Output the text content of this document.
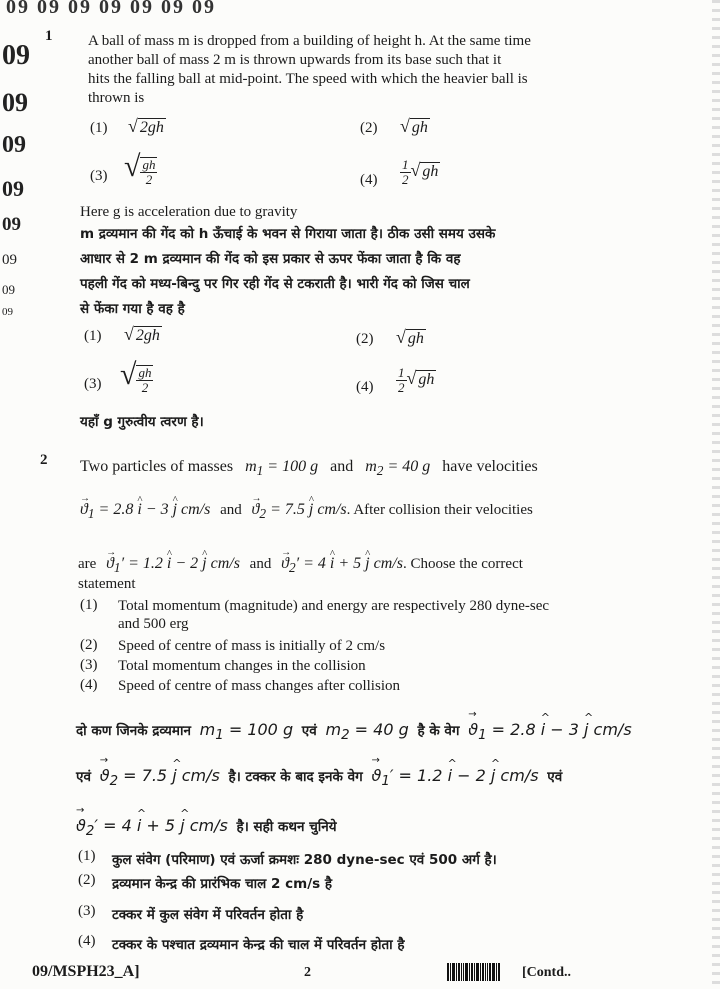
09 09 09 09 09 09 09
09
09
09
09
09
09
09
09
1 A ball of mass m is dropped from a building of height h. At the same time
another ball of mass 2 m is thrown upwards from its base such that it
hits the falling ball at mid-point. The speed with which the heavier ball is
thrown is
(1) √ 2gh	(2) √ gh
(3) √ $\frac{gh}{2}$	$(4) \frac{1}{2}$ √ gh
Here g is acceleration due to gravity
m द्रव्यमान की गेंद को h ऊँचाई के भवन से गिराया जाता है। ठीक उसी समय उसके
आधार से 2 m द्रव्यमान की गेंद को इस प्रकार से ऊपर फेंका जाता है कि वह
पहली गेंद को मध्य-बिन्दु पर गिर रही गेंद से टकराती है। भारी गेंद को जिस चाल
से फेंका गया है वह है
(1) √ 2gh	(2) √ gh
(3) √ $\frac{gh}{2}$	$(4) \frac{1}{2}$ √ gh
यहाँ g गुरुत्वीय त्वरण है।
2 Two particles of masses $m_1 = 100$ g and $m_2 = 40$ g have velocities
→ $ϑ_1 = 2.8$ ^ i − 3 ^ j cm/s and → $ϑ_2 = 7.5$ ^ j cm/s. After collision their velocities
are → $ϑ_1' = 1.2$ ^ i − 2 ^ j cm/s and → $ϑ_2' = 4$ ^ i + 5 ^ j cm/s. Choose the correct
statement
(1) Total momentum (magnitude) and energy are respectively 280 dyne-sec
and 500 erg
(2) Speed of centre of mass is initially of 2 cm/s
(3) Total momentum changes in the collision
(4) Speed of centre of mass changes after collision
दो कण जिनके द्रव्यमान $m_1 = 100$ g एवं $m_2 = 40$ g है के वेग → $ϑ_1 = 2.8$ ^ i − 3 ^ j cm/s
एवं → $ϑ_2 = 7.5$ ^ j cm/s है। टक्कर के बाद इनके वेग → $ϑ_1' = 1.2$ ^ i − 2 ^ j cm/s एवं
→ $ϑ_2' = 4$ ^ i + 5 ^ j cm/s है। सही कथन चुनिये
(1) कुल संवेग (परिमाण) एवं ऊर्जा क्रमशः 280 dyne-sec एवं 500 अर्ग है।
(2) द्रव्यमान केन्द्र की प्रारंभिक चाल 2 cm/s है
(3) टक्कर में कुल संवेग में परिवर्तन होता है
(4) टक्कर के पश्चात द्रव्यमान केन्द्र की चाल में परिवर्तन होता है
09/MSPH23_A]	2	[Contd..
